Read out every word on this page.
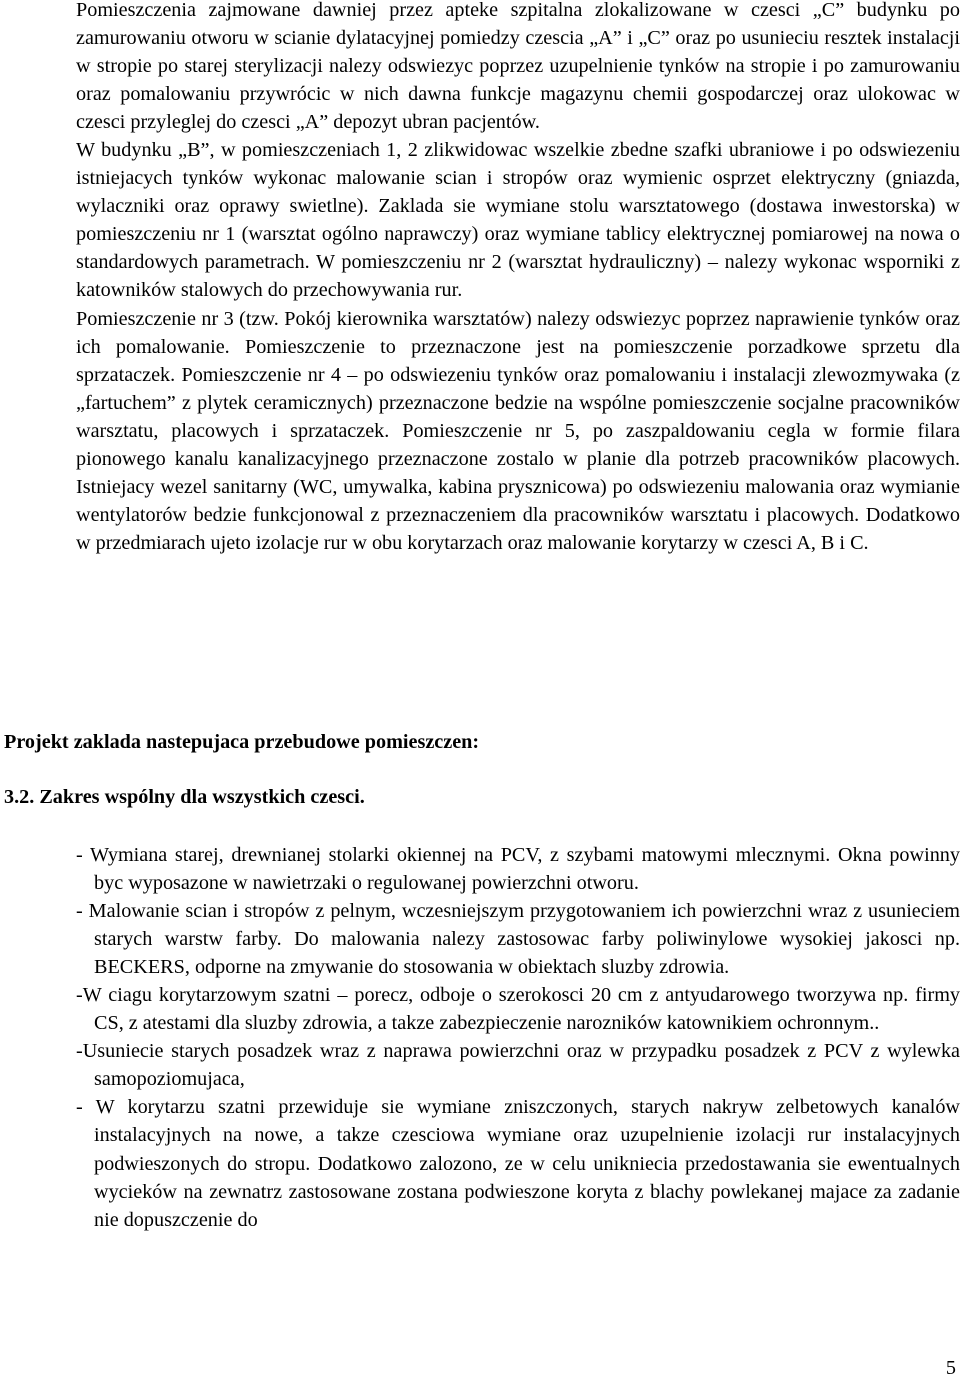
Pomieszczenia zajmowane dawniej przez apteke szpitalna zlokalizowane w czesci „C” budynku po zamurowaniu otworu w scianie dylatacyjnej pomiedzy czescia „A” i „C” oraz po usunieciu resztek instalacji w stropie po starej sterylizacji nalezy odswiezyc poprzez uzupelnienie tynków na stropie i po zamurowaniu oraz pomalowaniu przywrócic w nich dawna funkcje magazynu chemii gospodarczej oraz ulokowac w czesci przyleglej do czesci „A” depozyt ubran pacjentów.
W budynku „B”, w pomieszczeniach 1, 2 zlikwidowac wszelkie zbedne szafki ubraniowe i po odswiezeniu istniejacych tynków wykonac malowanie scian i stropów oraz wymienic osprzet elektryczny (gniazda, wylaczniki oraz oprawy swietlne). Zaklada sie wymiane stolu warsztatowego (dostawa inwestorska) w pomieszczeniu nr 1 (warsztat ogólno naprawczy) oraz wymiane tablicy elektrycznej pomiarowej na nowa o standardowych parametrach. W pomieszczeniu nr 2 (warsztat hydrauliczny) – nalezy wykonac wsporniki z katowników stalowych do przechowywania rur.
Pomieszczenie nr 3 (tzw. Pokój kierownika warsztatów) nalezy odswiezyc poprzez naprawienie tynków oraz ich pomalowanie. Pomieszczenie to przeznaczone jest na pomieszczenie porzadkowe sprzetu dla sprzataczek. Pomieszczenie nr 4 – po odswiezeniu tynków oraz pomalowaniu i instalacji zlewozmywaka (z „fartuchem” z plytek ceramicznych) przeznaczone bedzie na wspólne pomieszczenie socjalne pracowników warsztatu, placowych i sprzataczek. Pomieszczenie nr 5, po zaszpaldowaniu cegla w formie filara pionowego kanalu kanalizacyjnego przeznaczone zostalo w planie dla potrzeb pracowników placowych. Istniejacy wezel sanitarny (WC, umywalka, kabina prysznicowa) po odswiezeniu malowania oraz wymianie wentylatorów bedzie funkcjonowal z przeznaczeniem dla pracowników warsztatu i placowych. Dodatkowo w przedmiarach ujeto izolacje rur w obu korytarzach oraz malowanie korytarzy w czesci A, B i C.
Projekt zaklada nastepujaca przebudowe pomieszczen:
3.2. Zakres wspólny dla wszystkich czesci.
- Wymiana starej, drewnianej stolarki okiennej na PCV, z szybami matowymi mlecznymi. Okna powinny byc wyposazone w nawietrzaki o regulowanej powierzchni otworu.
- Malowanie scian i stropów z pelnym, wczesniejszym przygotowaniem ich powierzchni wraz z usunieciem starych warstw farby. Do malowania nalezy zastosowac farby poliwinylowe wysokiej jakosci np. BECKERS, odporne na zmywanie do stosowania w obiektach sluzby zdrowia.
-W ciagu korytarzowym szatni – porecz, odboje o szerokosci 20 cm z antyudarowego tworzywa np. firmy CS, z atestami dla sluzby zdrowia, a takze zabezpieczenie narozników katownikiem ochronnym..
-Usuniecie starych posadzek wraz z naprawa powierzchni oraz w przypadku posadzek z PCV z wylewka samopoziomujaca,
- W korytarzu szatni przewiduje sie wymiane zniszczonych, starych nakryw zelbetowych kanalów instalacyjnych na nowe, a takze czesciowa wymiane oraz uzupelnienie izolacji rur instalacyjnych podwieszonych do stropu. Dodatkowo zalozono, ze w celu unikniecia przedostawania sie ewentualnych wycieków na zewnatrz zastosowane zostana podwieszone koryta z blachy powlekanej majace za zadanie nie dopuszczenie do
5
